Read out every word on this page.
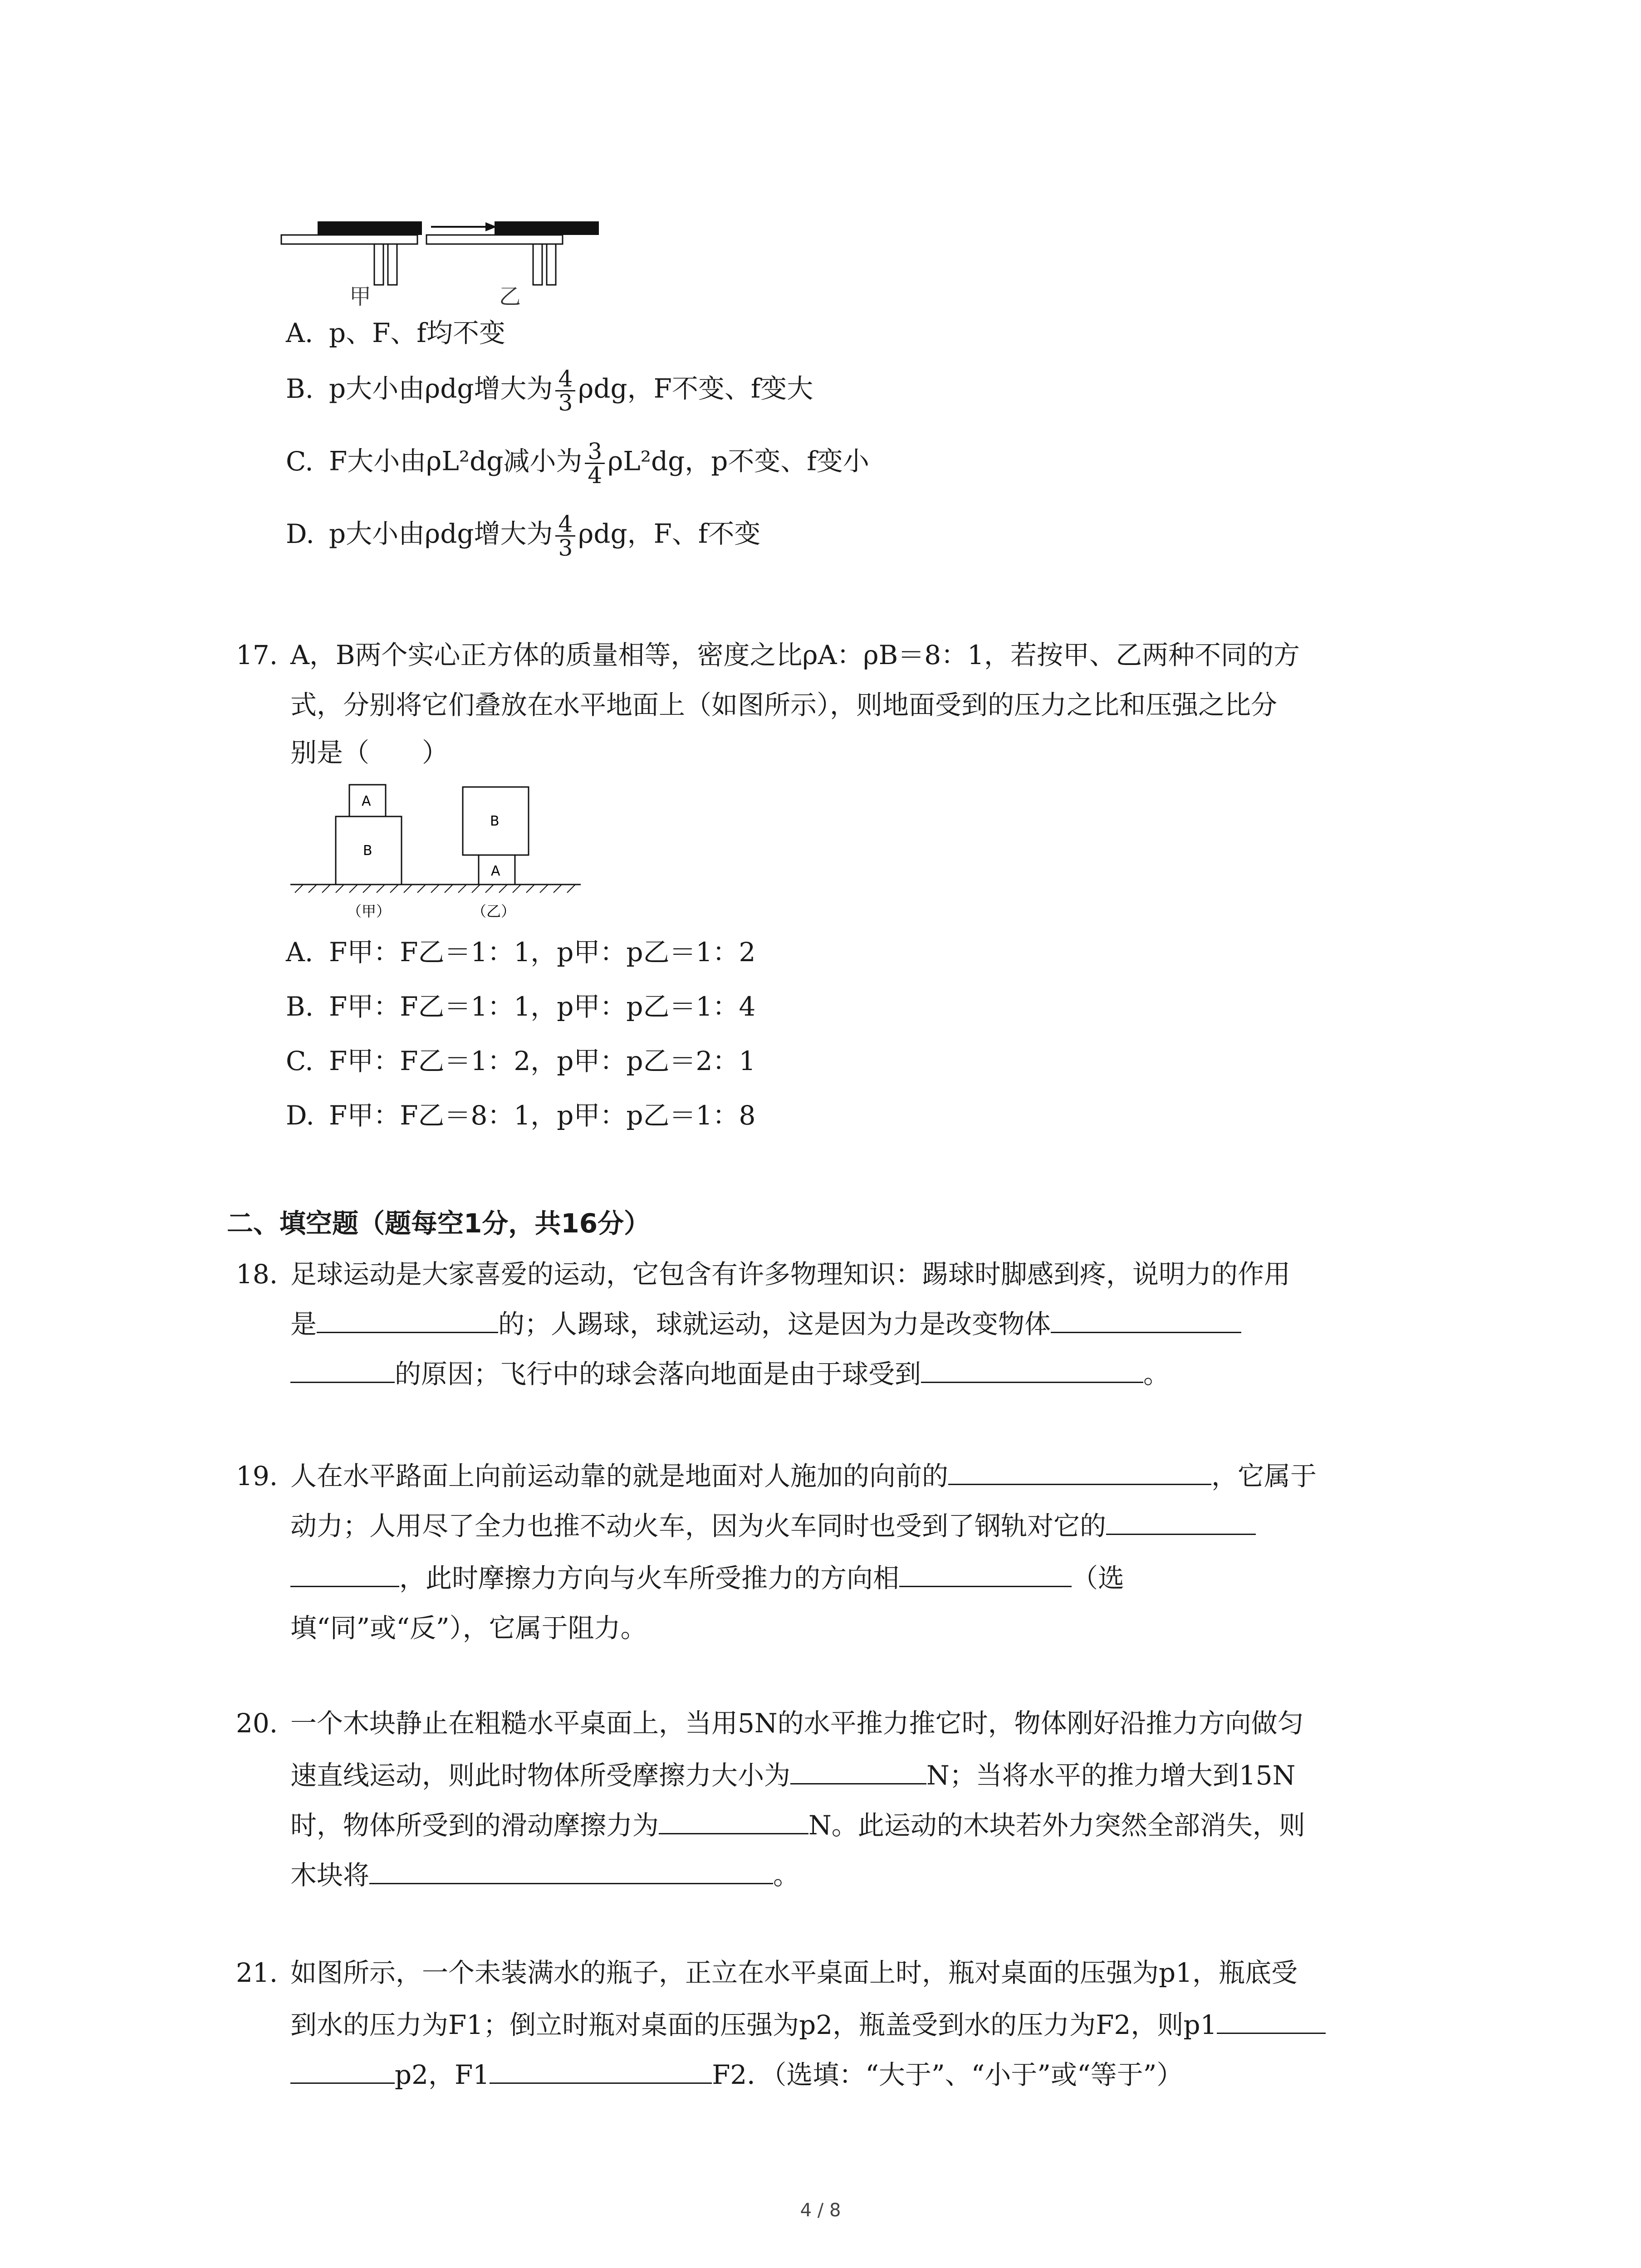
甲	乙
A. p、F、f均不变
B. p大小由ρdg增大为 $\frac{4}{3}$ ρdg，F不变、f变大
C. F大小由ρL²dg减小为 $\frac{3}{4} \rho L^2dg$，p不变、f变小
D. p大小由ρdg增大为 $\frac{4}{3}$ ρdg，F、f不变
17. A，B两个实心正方体的质量相等，密度之比ρA：ρB＝8：1，若按甲、乙两种不同的方
式，分别将它们叠放在水平地面上（如图所示），则地面受到的压力之比和压强之比分
别是（　　）
A
B
B
A
（甲）	（乙）
A. F甲：F乙＝1：1，p甲：p乙＝1：2
B. F甲：F乙＝1：1，p甲：p乙＝1：4
C. F甲：F乙＝1：2，p甲：p乙＝2：1
D. F甲：F乙＝8：1，p甲：p乙＝1：8
二、填空题（题每空1分，共16分）
18. 足球运动是大家喜爱的运动，它包含有许多物理知识：踢球时脚感到疼，说明力的作用
是	的；人踢球，球就运动，这是因为力是改变物体
的原因；飞行中的球会落向地面是由于球受到	。
19. 人在水平路面上向前运动靠的就是地面对人施加的向前的	，它属于
动力；人用尽了全力也推不动火车，因为火车同时也受到了钢轨对它的
，此时摩擦力方向与火车所受推力的方向相	（选
填“同”或“反”），它属于阻力。
20. 一个木块静止在粗糙水平桌面上，当用5N的水平推力推它时，物体刚好沿推力方向做匀
速直线运动，则此时物体所受摩擦力大小为	N；当将水平的推力增大到15N
时，物体所受到的滑动摩擦力为	N。此运动的木块若外力突然全部消失，则
木块将	。
21. 如图所示，一个未装满水的瓶子，正立在水平桌面上时，瓶对桌面的压强为p1，瓶底受
到水的压力为F1；倒立时瓶对桌面的压强为p2，瓶盖受到水的压力为F2，则p1
p2，F1	F2．（选填：“大于”、“小于”或“等于”）
4 / 8
